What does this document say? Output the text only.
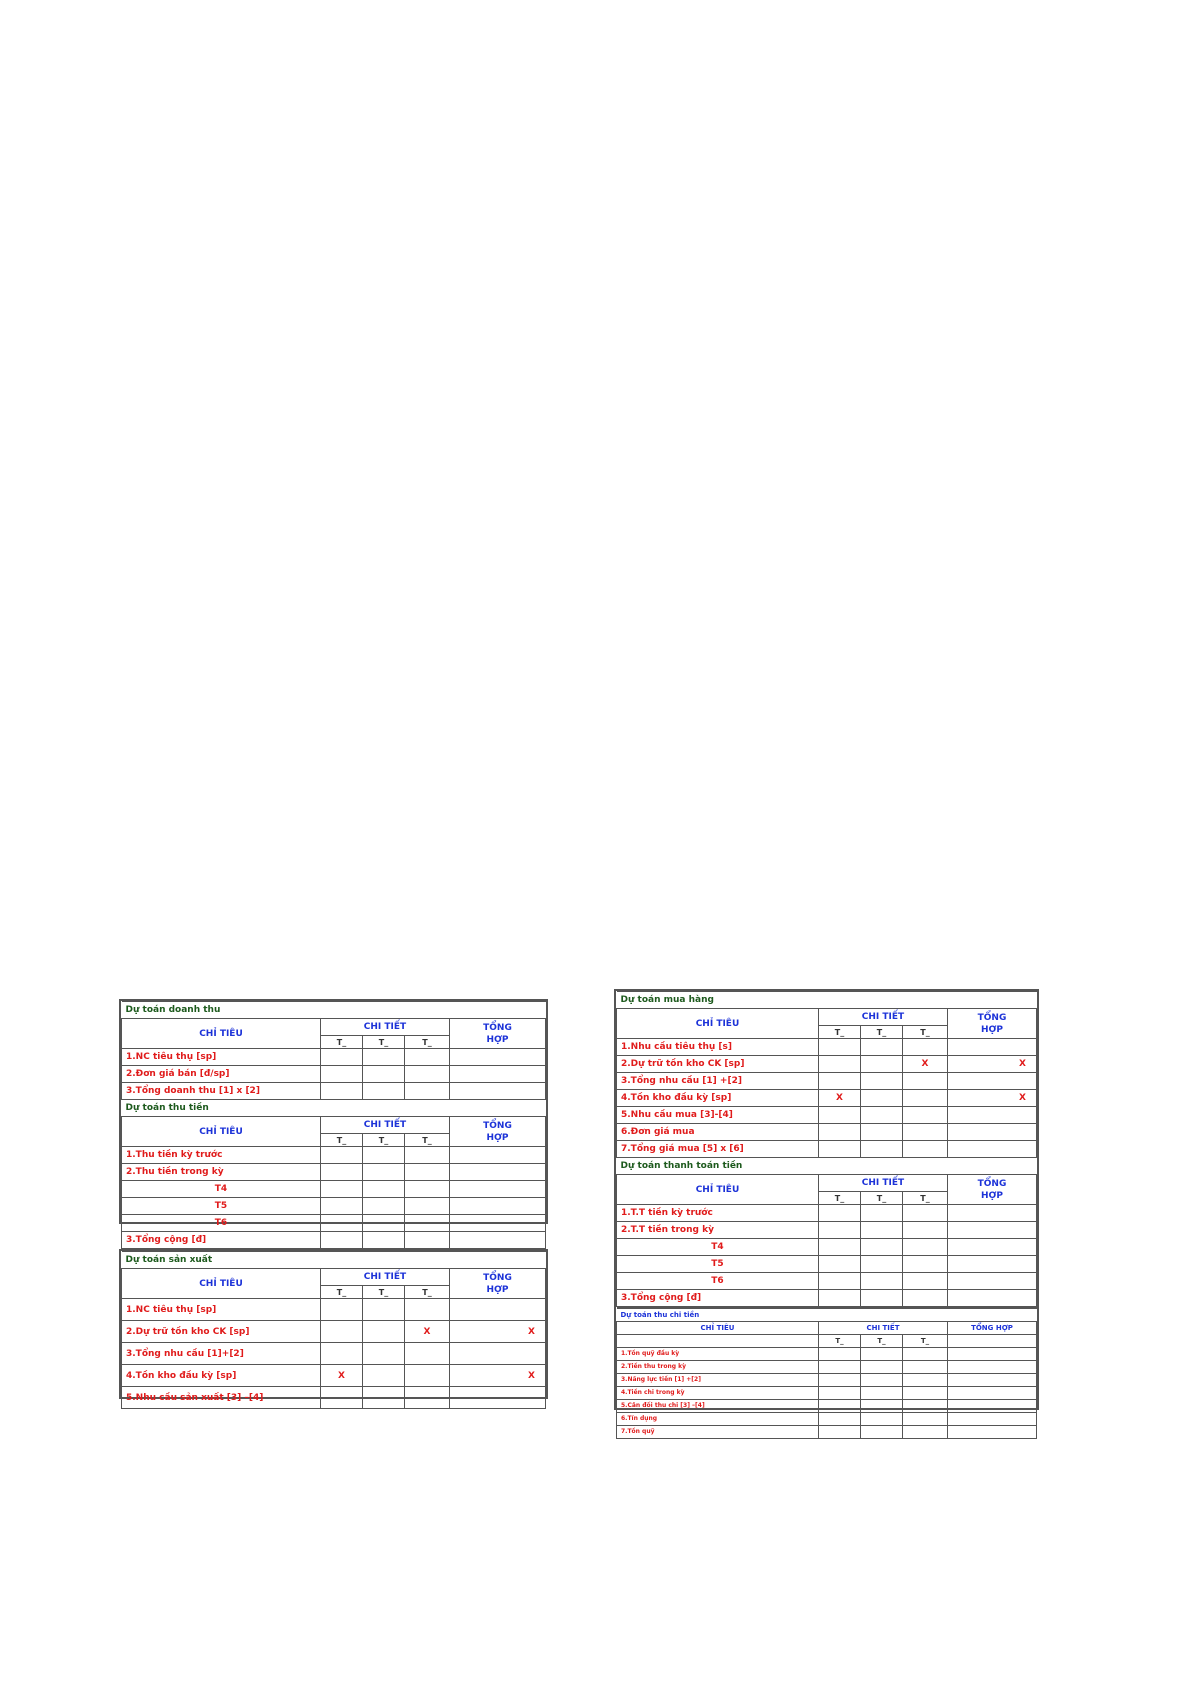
Dự toán doanh thu				
CHỈ TIÊU	CHI TIẾT			TỔNG
HỢP
	T_	T_	T_	
1.NC tiêu thụ [sp]				
2.Đơn giá bán [đ/sp]				
3.Tổng doanh thu [1] x [2]				
Dự toán thu tiền				
CHỈ TIÊU	CHI TIẾT			TỔNG
HỢP
	T_	T_	T_	
1.Thu tiền kỳ trước				
2.Thu tiền trong kỳ				
T4				
T5				
T6				
3.Tổng cộng [đ]				
Dự toán sản xuất				
CHỈ TIÊU	CHI TIẾT			TỔNG
HỢP
	T_	T_	T_	
1.NC tiêu thụ [sp]				
2.Dự trữ tồn kho CK [sp]			X	X
3.Tổng nhu cầu [1]+[2]				
4.Tồn kho đầu kỳ [sp]	X			X
5.Nhu cầu sản xuất [3] –[4]				
Dự toán mua hàng				
CHỈ TIÊU	CHI TIẾT			TỔNG
HỢP
	T_	T_	T_	
1.Nhu cầu tiêu thụ [s]				
2.Dự trữ tồn kho CK [sp]			X	X
3.Tổng nhu cầu [1] +[2]				
4.Tồn kho đầu kỳ [sp]	X			X
5.Nhu cầu mua [3]-[4]				
6.Đơn giá mua				
7.Tổng giá mua [5] x [6]				
Dự toán thanh toán tiền				
CHỈ TIÊU	CHI TIẾT			TỔNG
HỢP
	T_	T_	T_	
1.T.T tiền kỳ trước				
2.T.T tiền trong kỳ				
T4				
T5				
T6				
3.Tổng cộng [đ]				
Dự toán thu chi tiền				
CHỈ TIÊU	CHI TIẾT			TỔNG HỢP
	T_	T_	T_	
1.Tồn quỹ đầu kỳ				
2.Tiền thu trong kỳ				
3.Năng lực tiền [1] +[2]				
4.Tiền chi trong kỳ				
5.Cân đối thu chi [3] –[4]				
6.Tín dụng				
7.Tồn quỹ				
